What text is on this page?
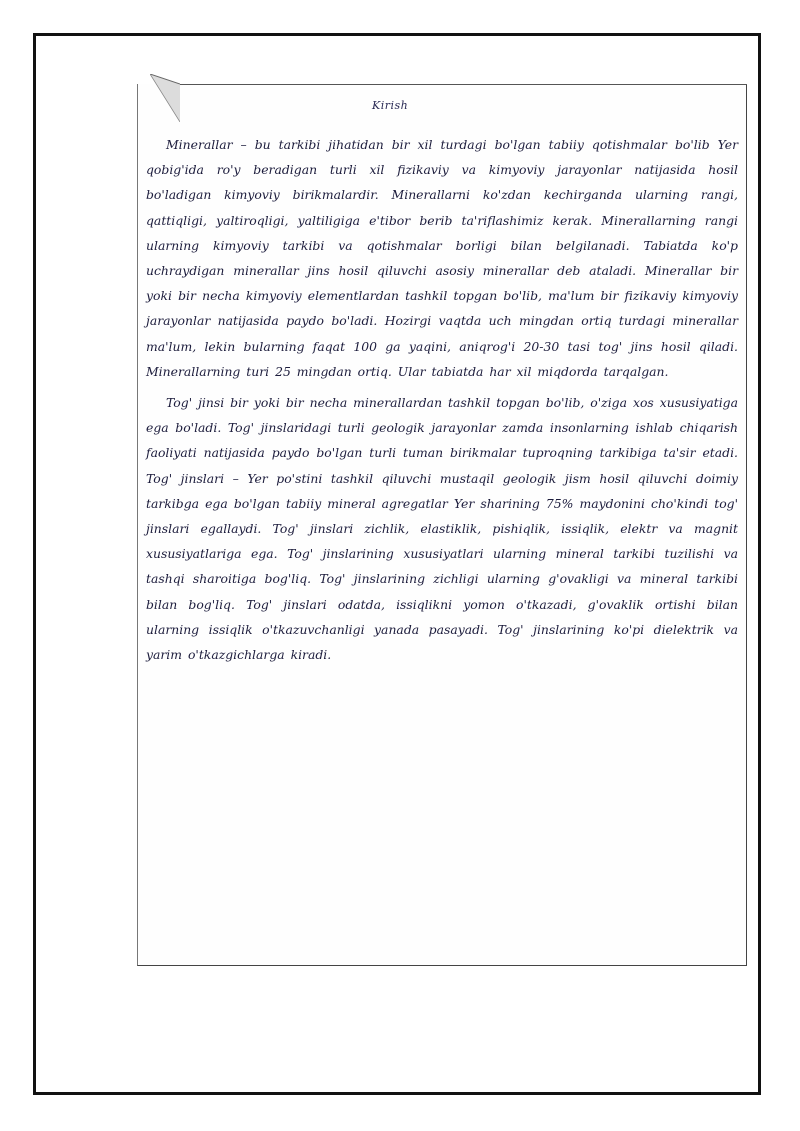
Kirish

Minerallar – bu tarkibi jihatidan bir xil turdagi bo'lgan tabiiy qotishmalar bo'lib Yer qobig'ida ro'y beradigan turli xil fizikaviy va kimyoviy jarayonlar natijasida hosil bo'ladigan kimyoviy birikmalardir. Minerallarni ko'zdan kechirganda ularning rangi, qattiqligi, yaltiroqligi, yaltiligiga e'tibor berib ta'riflashimiz kerak. Minerallarning rangi ularning kimyoviy tarkibi va qotishmalar borligi bilan belgilanadi. Tabiatda ko'p uchraydigan minerallar jins hosil qiluvchi asosiy minerallar deb ataladi. Minerallar bir yoki bir necha kimyoviy elementlardan tashkil topgan bo'lib, ma'lum bir fizikaviy kimyoviy jarayonlar natijasida paydo bo'ladi. Hozirgi vaqtda uch mingdan ortiq turdagi minerallar ma'lum, lekin bularning faqat 100 ga yaqini, aniqrog'i 20-30 tasi tog' jins hosil qiladi. Minerallarning turi 25 mingdan ortiq. Ular tabiatda har xil miqdorda tarqalgan.

Tog' jinsi bir yoki bir necha minerallardan tashkil topgan bo'lib, o'ziga xos xususiyatiga ega bo'ladi. Tog' jinslaridagi turli geologik jarayonlar zamda insonlarning ishlab chiqarish faoliyati natijasida paydo bo'lgan turli tuman birikmalar tuproqning tarkibiga ta'sir etadi. Tog' jinslari – Yer po'stini tashkil qiluvchi mustaqil geologik jism hosil qiluvchi doimiy tarkibga ega bo'lgan tabiiy mineral agregatlar Yer sharining 75% maydonini cho'kindi tog' jinslari egallaydi. Tog' jinslari zichlik, elastiklik, pishiqlik, issiqlik, elektr va magnit xususiyatlariga ega. Tog' jinslarining xususiyatlari ularning mineral tarkibi tuzilishi va tashqi sharoitiga bog'liq. Tog' jinslarining zichligi ularning g'ovakligi va mineral tarkibi bilan bog'liq. Tog' jinslari odatda, issiqlikni yomon o'tkazadi, g'ovaklik ortishi bilan ularning issiqlik o'tkazuvchanligi yanada pasayadi. Tog' jinslarining ko'pi dielektrik va yarim o'tkazgichlarga kiradi.
